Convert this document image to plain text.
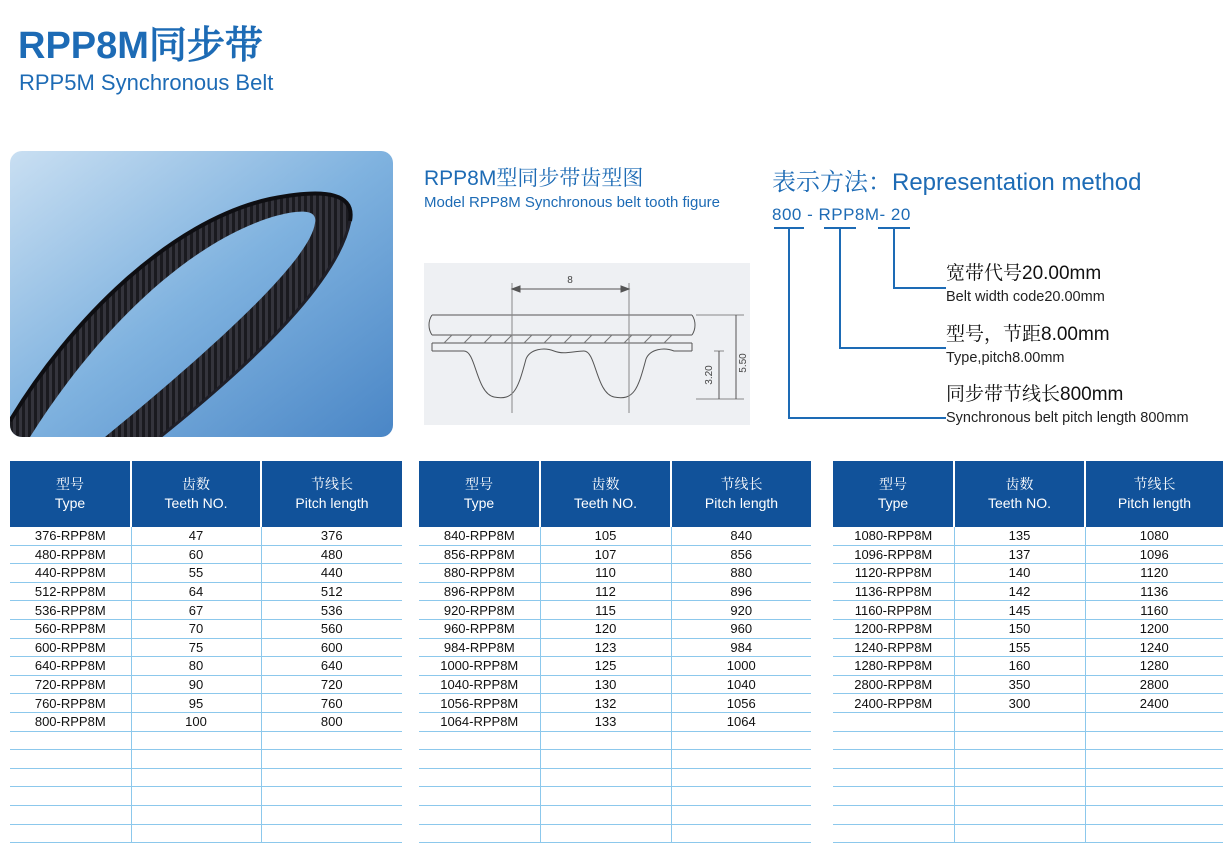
RPP8M同步带
RPP5M Synchronous Belt
RPP8M型同步带齿型图
Model RPP8M Synchronous belt tooth figure
8
5.50
3.20
表示方法：Representation method
800 - RPP8M- 20
宽带代号20.00mm
Belt width code20.00mm
型号，节距8.00mm
Type,pitch8.00mm
同步带节线长800mm
Synchronous belt pitch length 800mm
型号
Type	齿数
Teeth NO.	节线长
Pitch length
376-RPP8M	47	376
480-RPP8M	60	480
440-RPP8M	55	440
512-RPP8M	64	512
536-RPP8M	67	536
560-RPP8M	70	560
600-RPP8M	75	600
640-RPP8M	80	640
720-RPP8M	90	720
760-RPP8M	95	760
800-RPP8M	100	800

型号
Type	齿数
Teeth NO.	节线长
Pitch length
840-RPP8M	105	840
856-RPP8M	107	856
880-RPP8M	110	880
896-RPP8M	112	896
920-RPP8M	115	920
960-RPP8M	120	960
984-RPP8M	123	984
1000-RPP8M	125	1000
1040-RPP8M	130	1040
1056-RPP8M	132	1056
1064-RPP8M	133	1064

型号
Type	齿数
Teeth NO.	节线长
Pitch length
1080-RPP8M	135	1080
1096-RPP8M	137	1096
1120-RPP8M	140	1120
1136-RPP8M	142	1136
1160-RPP8M	145	1160
1200-RPP8M	150	1200
1240-RPP8M	155	1240
1280-RPP8M	160	1280
2800-RPP8M	350	2800
2400-RPP8M	300	2400
